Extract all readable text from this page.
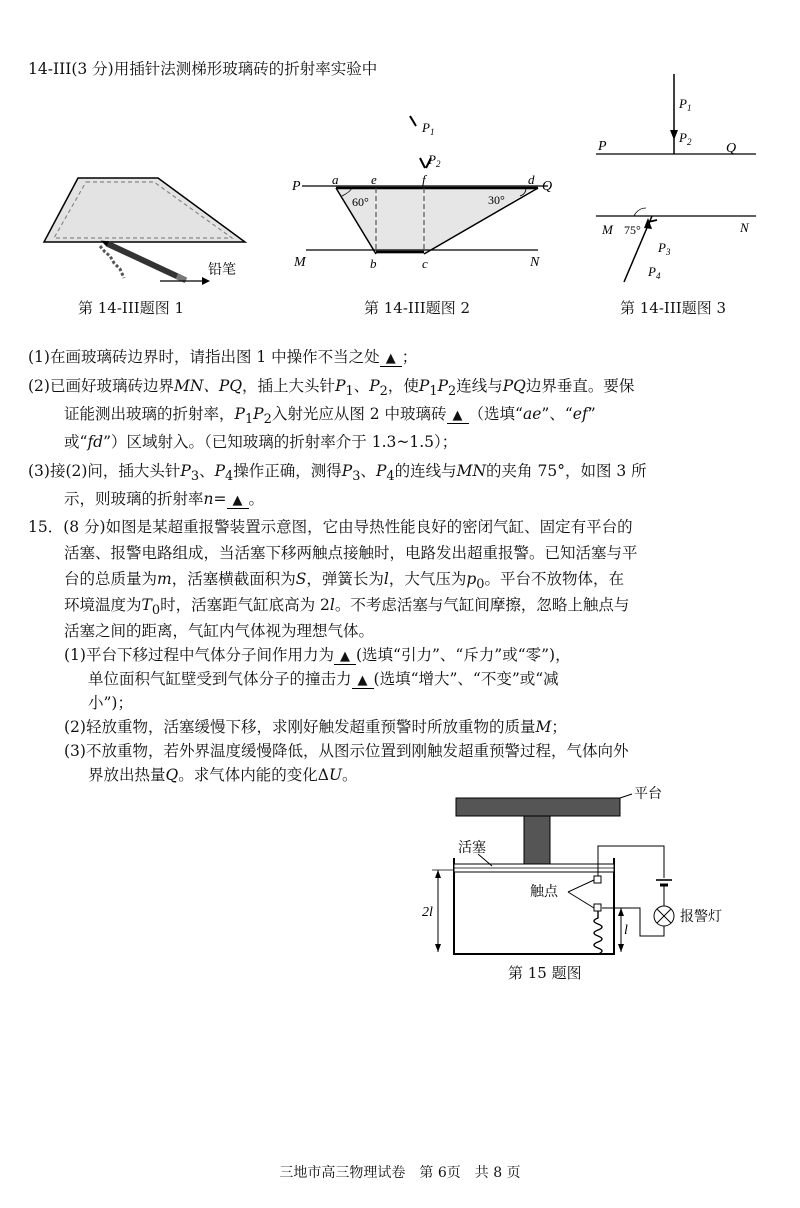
14-III(3 分)用插针法测梯形玻璃砖的折射率实验中
铅笔
第 14-III题图 1
$P_1$
$P_2$
P	Q
M	N
a	e	f	d
b	c
60°	30°
第 14-III题图 2
$P_1$
$P_2$
P	Q
M	N
75°
$P_3$
$P_4$
第 14-III题图 3
(1)在画玻璃砖边界时，请指出图 1 中操作不当之处 ▲ ；
(2)已画好玻璃砖边界MN、PQ，插上大头针$P_1$、$P_2$，使$P_1P_2$连线与PQ边界垂直。要保
证能测出玻璃的折射率，$P_1P_2$入射光应从图 2 中玻璃砖 ▲ （选填“ae”、“ef”
或“fd”）区域射入。（已知玻璃的折射率介于 1.3~1.5）；
(3)接(2)问，插大头针$P_3$、$P_4$操作正确，测得$P_3$、$P_4$的连线与MN的夹角 75°，如图 3 所
示，则玻璃的折射率n= ▲ 。
15．(8 分)如图是某超重报警装置示意图，它由导热性能良好的密闭气缸、固定有平台的
活塞、报警电路组成，当活塞下移两触点接触时，电路发出超重报警。已知活塞与平
台的总质量为m，活塞横截面积为S，弹簧长为l，大气压为$p_0$。平台不放物体，在
环境温度为$T_0$时，活塞距气缸底高为 2l。不考虑活塞与气缸间摩擦，忽略上触点与
活塞之间的距离，气缸内气体视为理想气体。
(1)平台下移过程中气体分子间作用力为 ▲ (选填“引力”、“斥力”或“零”)，
单位面积气缸壁受到气体分子的撞击力 ▲ (选填“增大”、“不变”或“减
小”)；
(2)轻放重物，活塞缓慢下移，求刚好触发超重预警时所放重物的质量M；
(3)不放重物，若外界温度缓慢降低，从图示位置到刚触发超重预警过程，气体向外
界放出热量Q。求气体内能的变化ΔU。
平台
活塞
触点
报警灯
2l
l
第 15 题图
三地市高三物理试卷　第 6页　共 8 页
